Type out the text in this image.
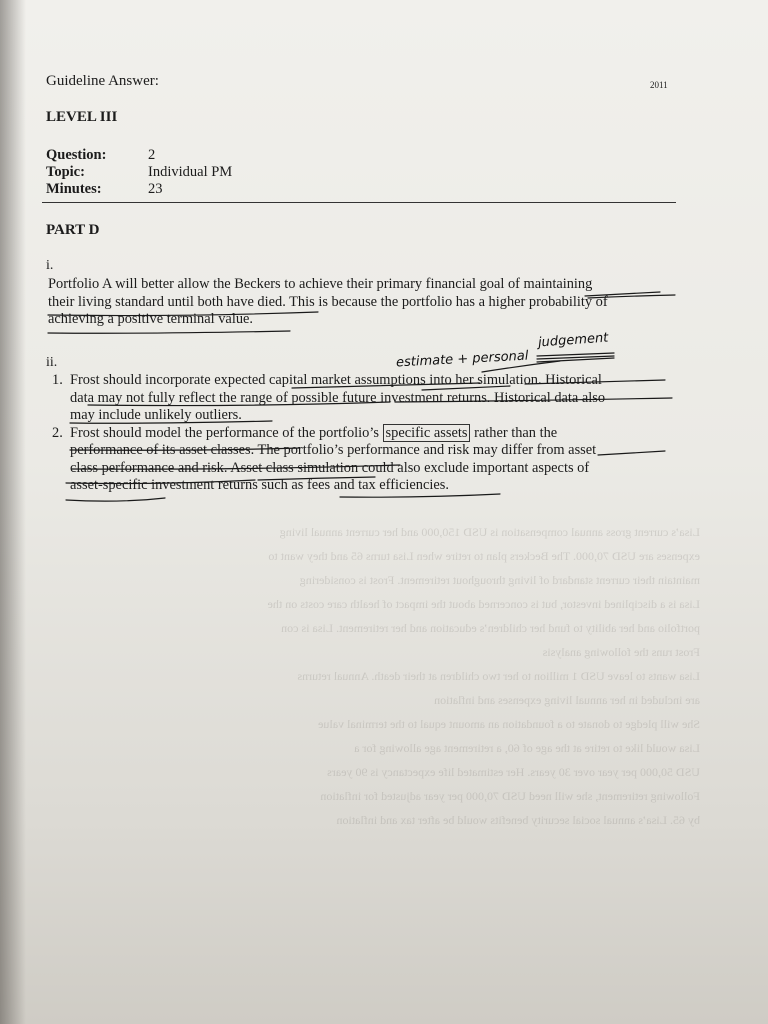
Lisa’s current gross annual compensation is USD 150,000 and her current annual living
expenses are USD 70,000. The Beckers plan to retire when Lisa turns 65 and they want to
maintain their current standard of living throughout retirement. Frost is considering
Lisa is a disciplined investor, but is concerned about the impact of health care costs on the
portfolio and her ability to fund her children’s education and her retirement. Lisa is con
Frost runs the following analysis
Lisa wants to leave USD 1 million to her two children at their death. Annual returns
are included in her annual living expenses and inflation
She will pledge to donate to a foundation an amount equal to the terminal value
Lisa would like to retire at the age of 60, a retirement age allowing for a
USD 50,000 per year over 30 years. Her estimated life expectancy is 90 years
Following retirement, she will need USD 70,000 per year adjusted for inflation
by 65. Lisa’s annual social security benefits would be after tax and inflation
Guideline Answer:	2011
LEVEL III
Question:	2
Topic:	Individual PM
Minutes:	23
PART D
i.
Portfolio A will better allow the Beckers to achieve their primary financial goal of maintaining
their living standard until both have died. This is because the portfolio has a higher probability of
achieving a positive terminal value.
estimate + personal
judgement
ii.
1. Frost should incorporate expected capital market assumptions into her simulation. Historical
data may not fully reflect the range of possible future investment returns. Historical data also
may include unlikely outliers.
2. Frost should model the performance of the portfolio’s specific assets rather than the
performance of its asset classes. The portfolio’s performance and risk may differ from asset
class performance and risk. Asset class simulation could also exclude important aspects of
asset-specific investment returns such as fees and tax efficiencies.
